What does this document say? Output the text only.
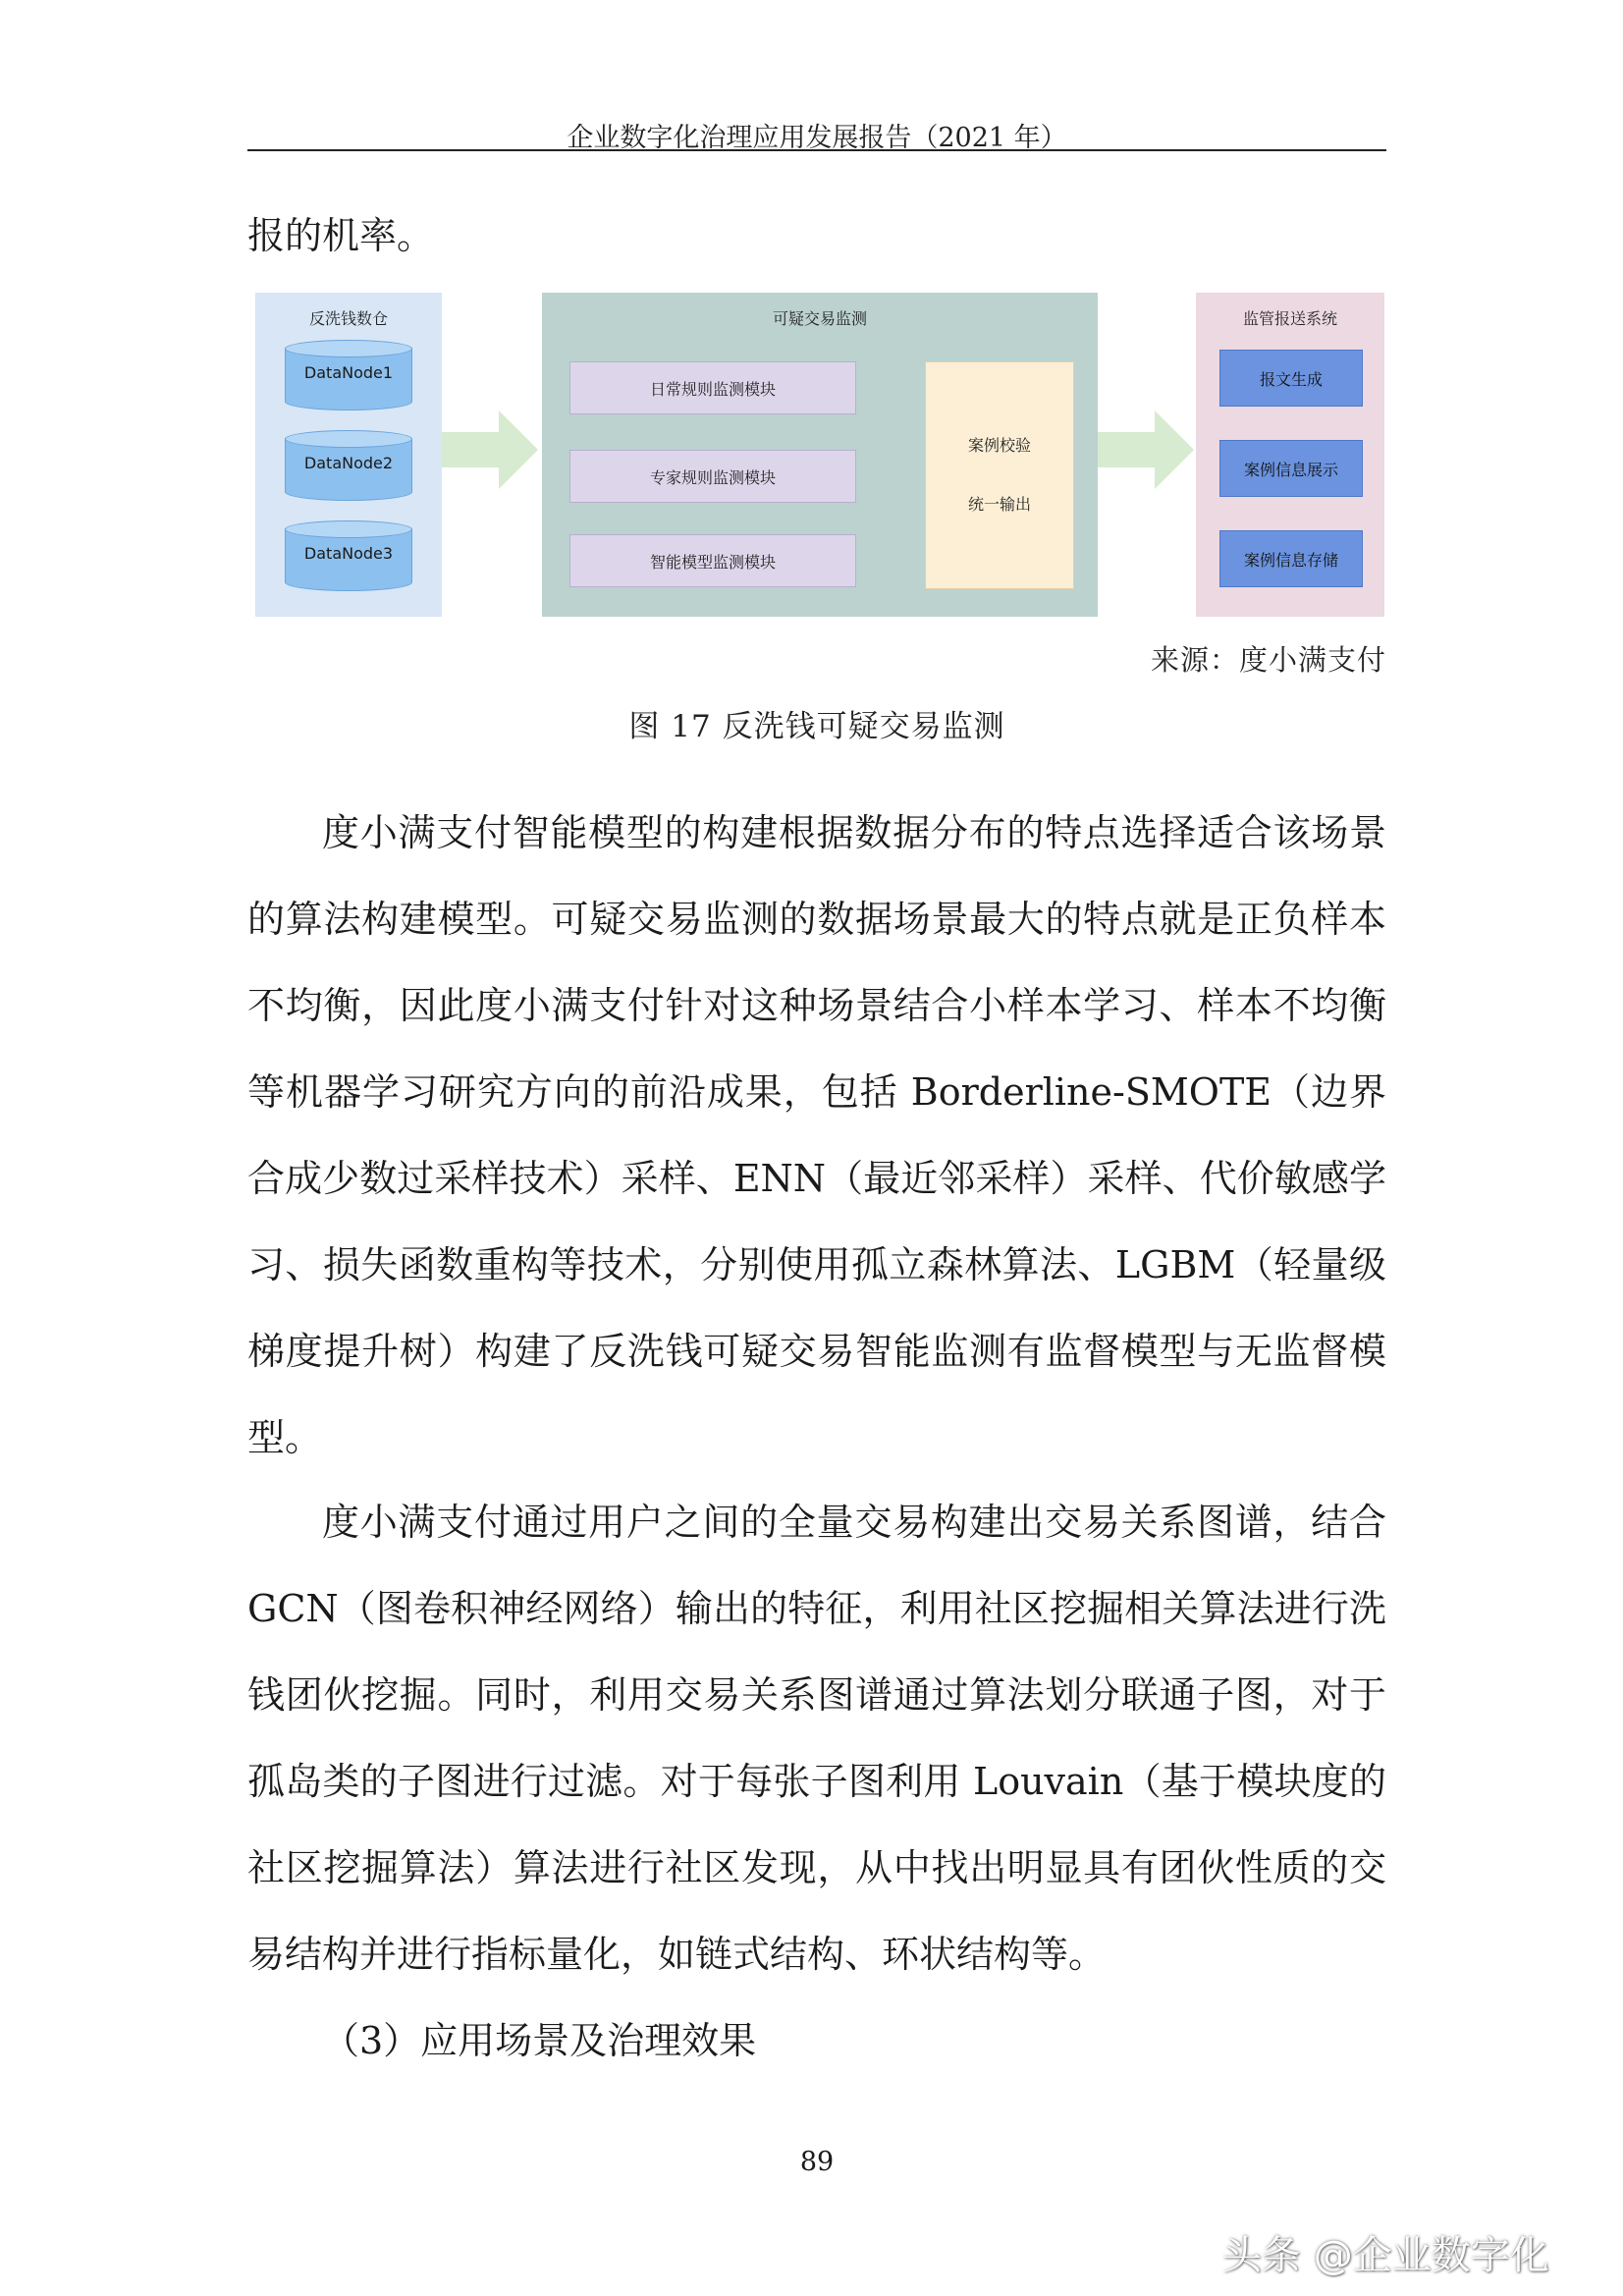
企业数字化治理应用发展报告（2021 年）

报的机率。

反洗钱数仓
DataNode1
DataNode2
DataNode3
可疑交易监测
日常规则监测模块
专家规则监测模块
智能模型监测模块
案例校验
统一输出
监管报送系统
报文生成
案例信息展示
案例信息存储
来源：度小满支付
图 17 反洗钱可疑交易监测

度小满支付智能模型的构建根据数据分布的特点选择适合该场景的算法构建模型。可疑交易监测的数据场景最大的特点就是正负样本不均衡，因此度小满支付针对这种场景结合小样本学习、样本不均衡等机器学习研究方向的前沿成果，包括 Borderline-SMOTE（边界合成少数过采样技术）采样、ENN（最近邻采样）采样、代价敏感学习、损失函数重构等技术，分别使用孤立森林算法、LGBM（轻量级梯度提升树）构建了反洗钱可疑交易智能监测有监督模型与无监督模型。

度小满支付通过用户之间的全量交易构建出交易关系图谱，结合GCN（图卷积神经网络）输出的特征，利用社区挖掘相关算法进行洗钱团伙挖掘。同时，利用交易关系图谱通过算法划分联通子图，对于孤岛类的子图进行过滤。对于每张子图利用 Louvain（基于模块度的社区挖掘算法）算法进行社区发现，从中找出明显具有团伙性质的交易结构并进行指标量化，如链式结构、环状结构等。

（3）应用场景及治理效果
89
头条 @企业数字化
